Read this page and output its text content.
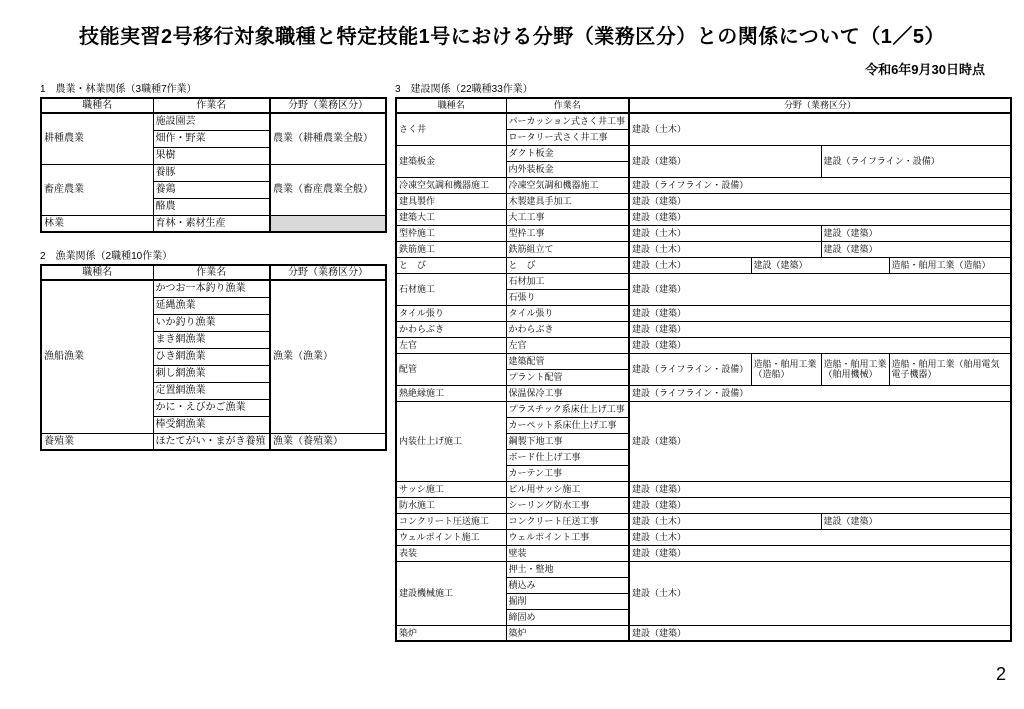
技能実習2号移行対象職種と特定技能1号における分野（業務区分）との関係について（1／5）
令和6年9月30日時点
1　農業・林業関係（3職種7作業）
職種名	作業名	分野（業務区分）
耕種農業	施設園芸	農業（耕種農業全般）
	畑作・野菜	
	果樹	
畜産農業	養豚	農業（畜産農業全般）
	養鶏	
	酪農	
林業	育林・素材生産	
2　漁業関係（2職種10作業）
職種名	作業名	分野（業務区分）
漁船漁業	かつお一本釣り漁業	漁業（漁業）
	延縄漁業	
	いか釣り漁業	
	まき網漁業	
	ひき網漁業	
	刺し網漁業	
	定置網漁業	
	かに・えびかご漁業	
	棒受網漁業	
養殖業	ほたてがい・まがき養殖	漁業（養殖業）
3　建設関係（22職種33作業）
職種名	作業名	分野（業務区分）			
さく井	パーカッション式さく井工事	建設（土木）			
	ロータリー式さく井工事				
建築板金	ダクト板金	建設（建築）		建設（ライフライン・設備）	
	内外装板金				
冷凍空気調和機器施工	冷凍空気調和機器施工	建設（ライフライン・設備）			
建具製作	木製建具手加工	建設（建築）			
建築大工	大工工事	建設（建築）			
型枠施工	型枠工事	建設（土木）		建設（建築）	
鉄筋施工	鉄筋組立て	建設（土木）		建設（建築）	
と　び	と　び	建設（土木）	建設（建築）		造船・舶用工業（造船）
石材施工	石材加工	建設（建築）			
	石張り				
タイル張り	タイル張り	建設（建築）			
かわらぶき	かわらぶき	建設（建築）			
左官	左官	建設（建築）			
配管	建築配管	建設（ライフライン・設備）	造船・舶用工業（造船）	造船・舶用工業（舶用機械）	造船・舶用工業（舶用電気電子機器）
	プラント配管				
熱絶縁施工	保温保冷工事	建設（ライフライン・設備）			
内装仕上げ施工	プラスチック系床仕上げ工事	建設（建築）			
	カーペット系床仕上げ工事				
	鋼製下地工事				
	ボード仕上げ工事				
	カーテン工事				
サッシ施工	ビル用サッシ施工	建設（建築）			
防水施工	シーリング防水工事	建設（建築）			
コンクリート圧送施工	コンクリート圧送工事	建設（土木）		建設（建築）	
ウェルポイント施工	ウェルポイント工事	建設（土木）			
表装	壁装	建設（建築）			
建設機械施工	押土・整地	建設（土木）			
	積込み				
	掘削				
	締固め				
築炉	築炉	建設（建築）			
2
